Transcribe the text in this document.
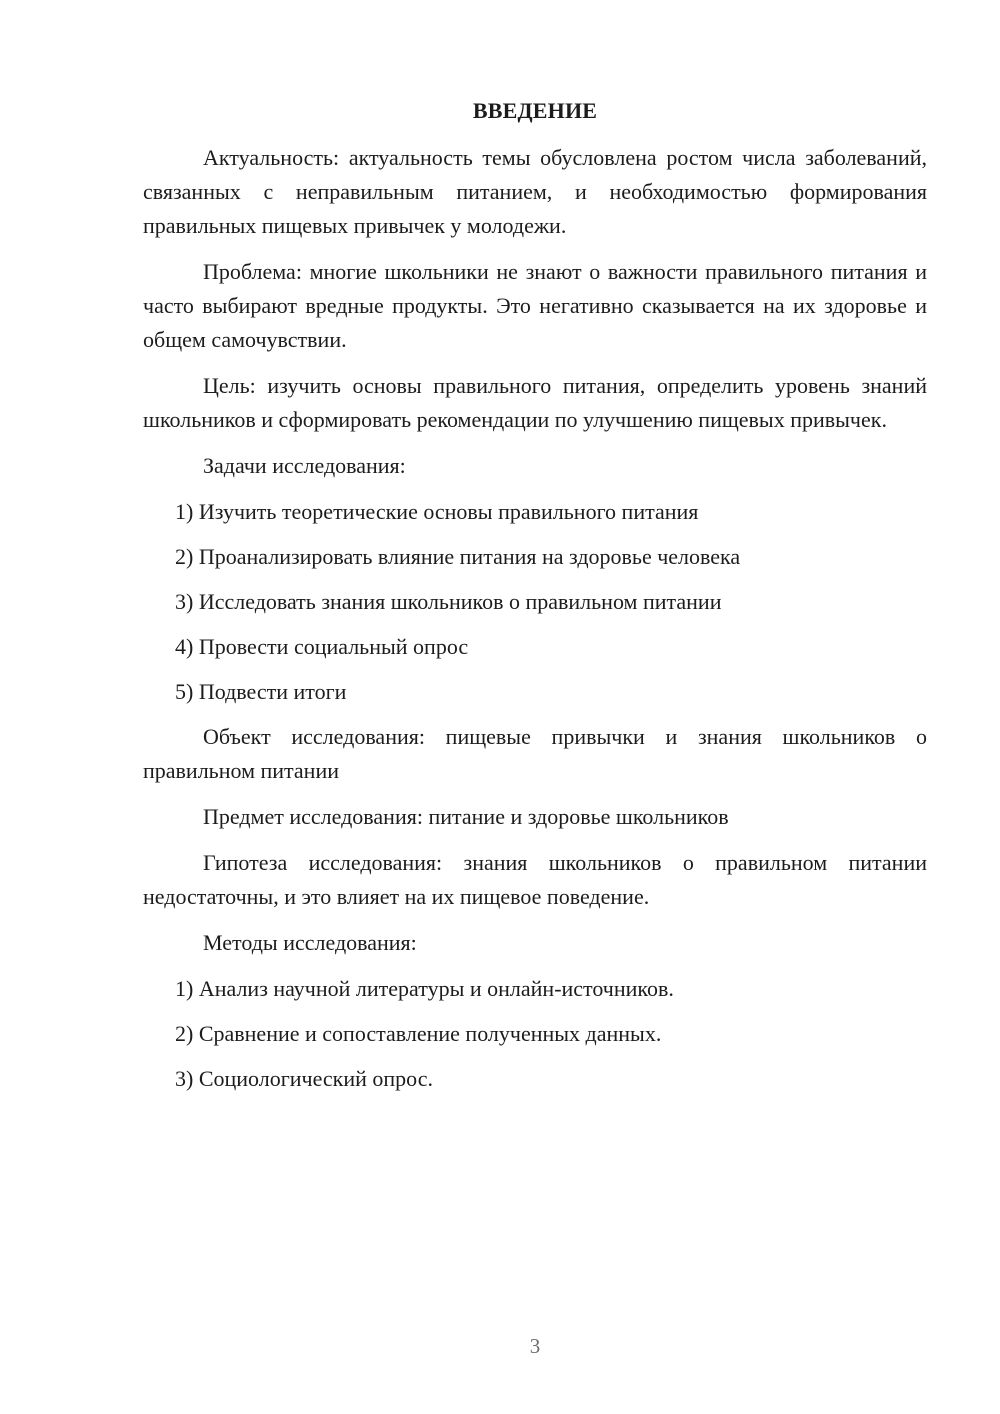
ВВЕДЕНИЕ

Актуальность: актуальность темы обусловлена ростом числа заболеваний, связанных с неправильным питанием, и необходимостью формирования правильных пищевых привычек у молодежи.

Проблема: многие школьники не знают о важности правильного питания и часто выбирают вредные продукты. Это негативно сказывается на их здоровье и общем самочувствии.

Цель: изучить основы правильного питания, определить уровень знаний школьников и сформировать рекомендации по улучшению пищевых привычек.

Задачи исследования:

1) Изучить теоретические основы правильного питания
2) Проанализировать влияние питания на здоровье человека
3) Исследовать знания школьников о правильном питании
4) Провести социальный опрос
5) Подвести итоги

Объект исследования: пищевые привычки и знания школьников о правильном питании

Предмет исследования: питание и здоровье школьников

Гипотеза исследования: знания школьников о правильном питании недостаточны, и это влияет на их пищевое поведение.

Методы исследования:

1) Анализ научной литературы и онлайн-источников.
2) Сравнение и сопоставление полученных данных.
3) Социологический опрос.
3
